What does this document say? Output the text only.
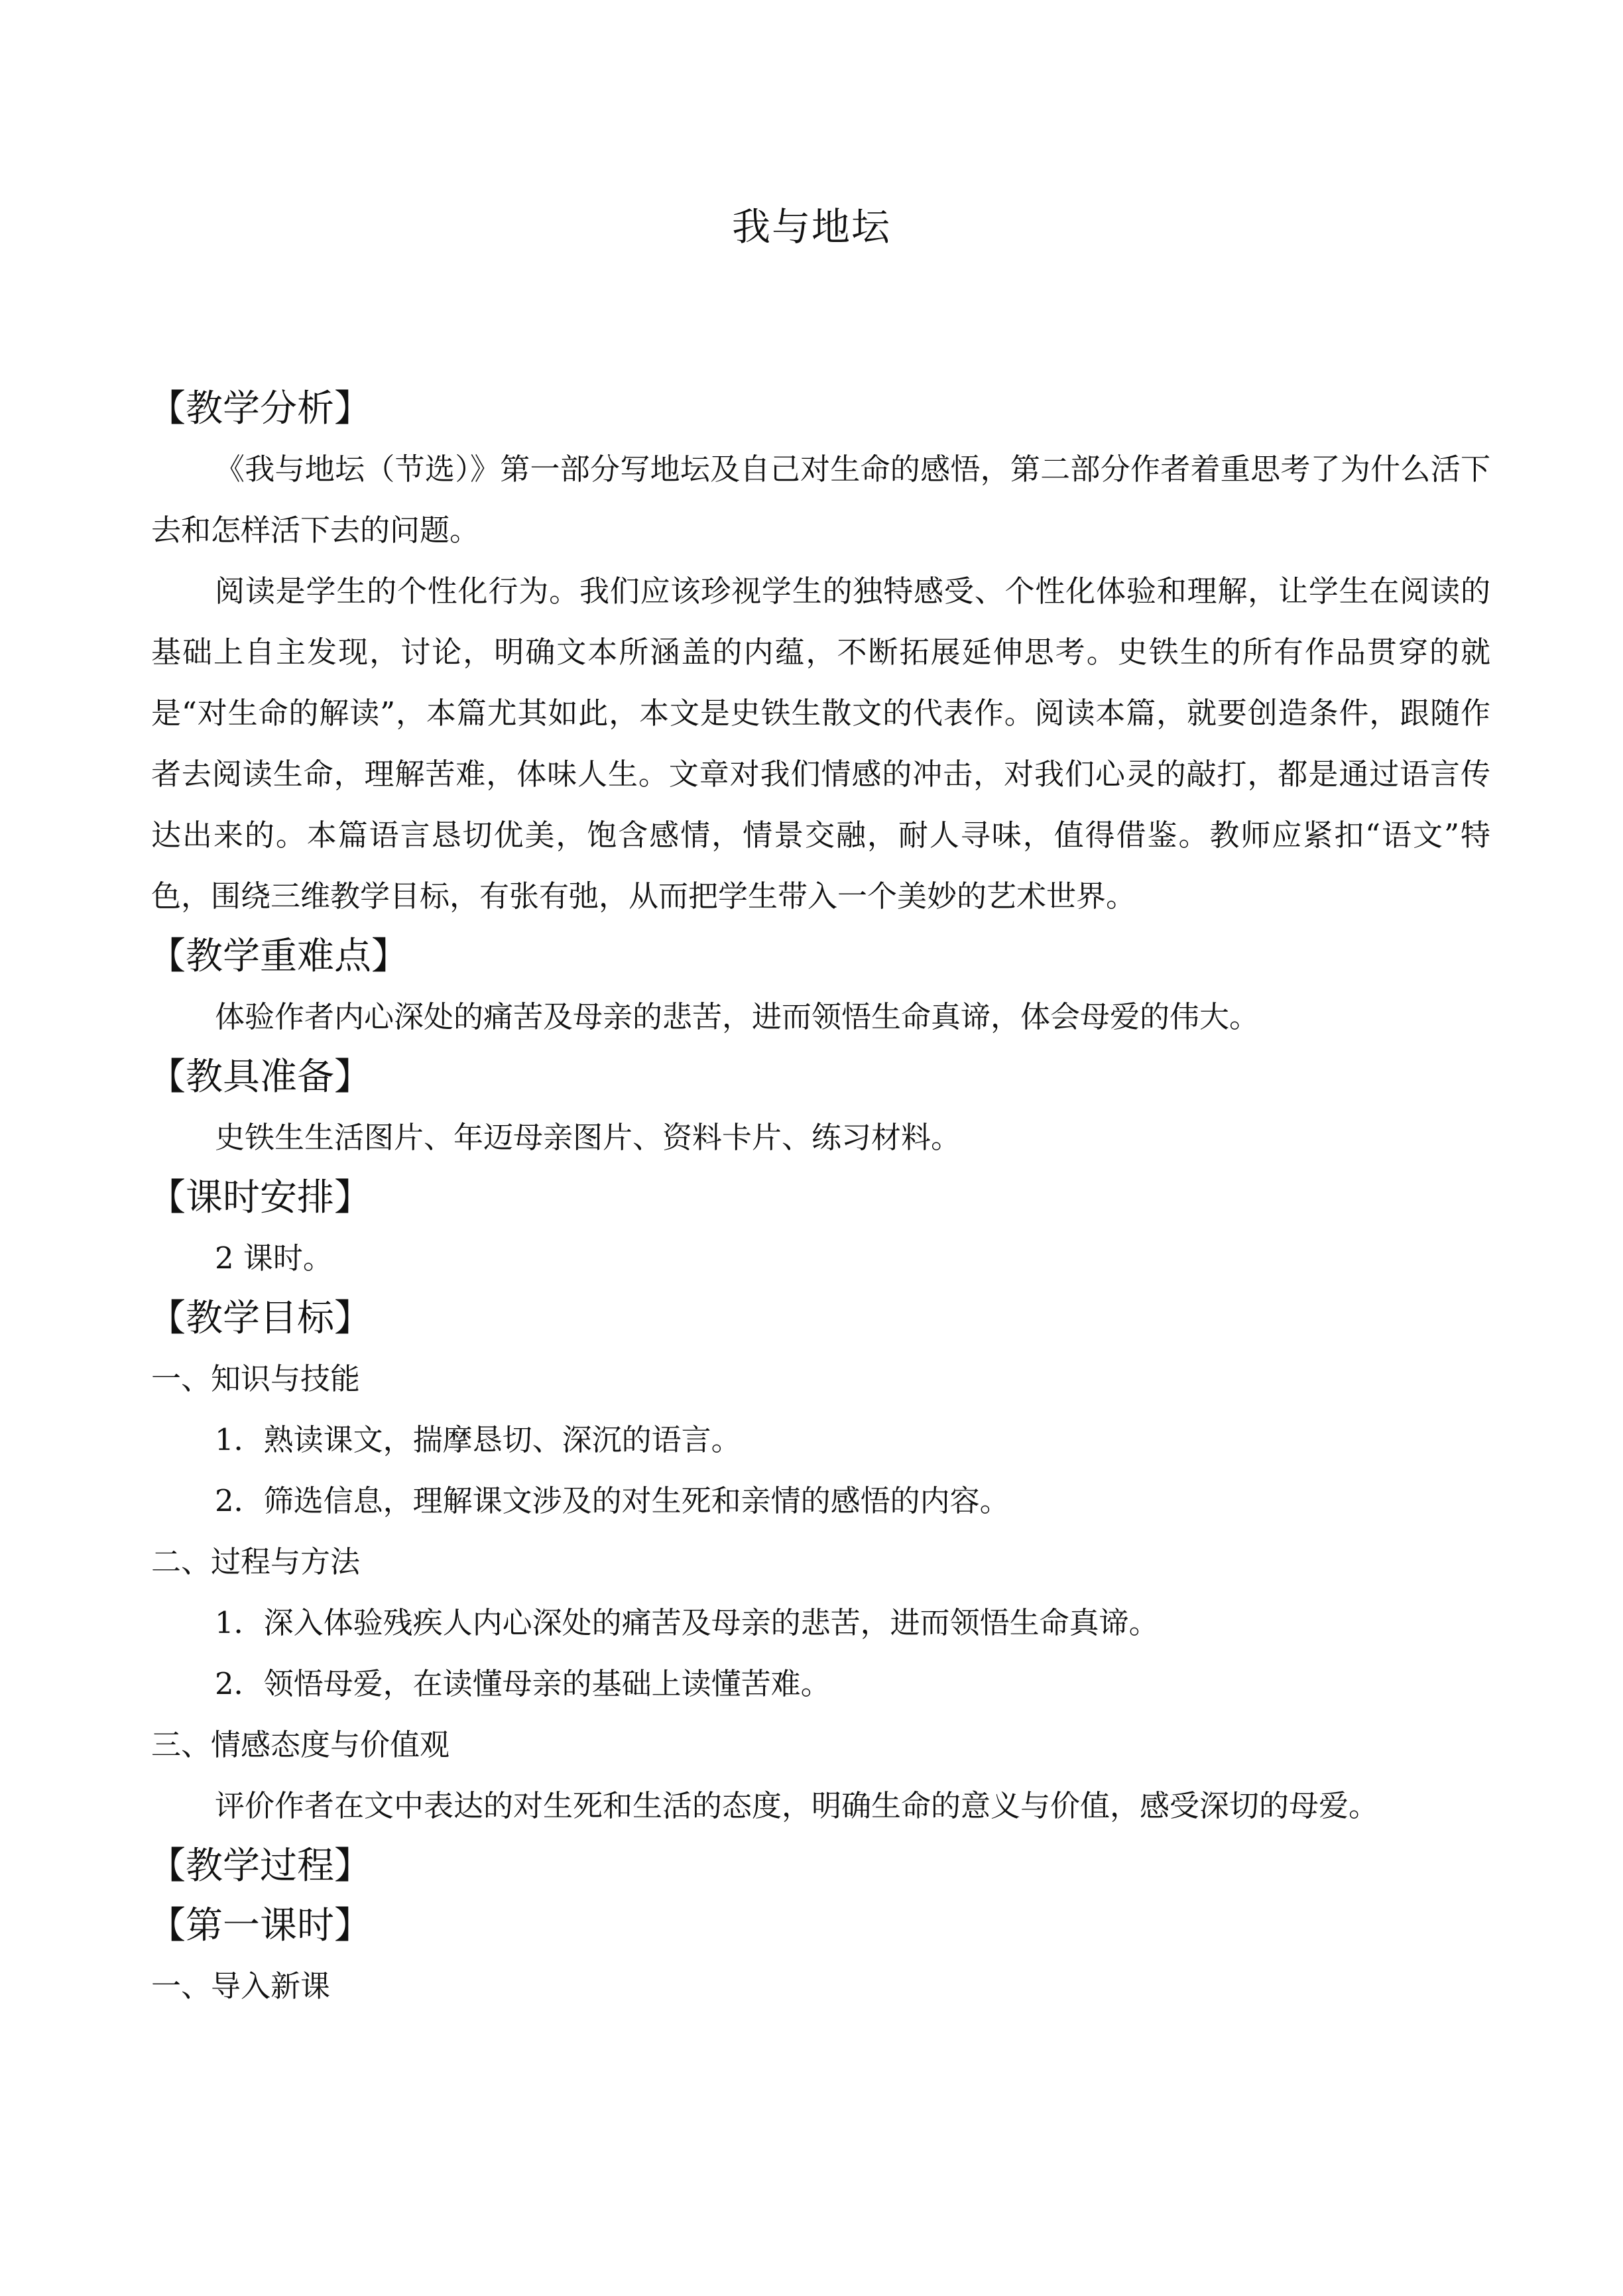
我与地坛
【教学分析】

《我与地坛（节选）》第一部分写地坛及自己对生命的感悟，第二部分作者着重思考了为什么活下去和怎样活下去的问题。

阅读是学生的个性化行为。我们应该珍视学生的独特感受、个性化体验和理解，让学生在阅读的基础上自主发现，讨论，明确文本所涵盖的内蕴，不断拓展延伸思考。史铁生的所有作品贯穿的就是“对生命的解读”，本篇尤其如此，本文是史铁生散文的代表作。阅读本篇，就要创造条件，跟随作者去阅读生命，理解苦难，体味人生。文章对我们情感的冲击，对我们心灵的敲打，都是通过语言传达出来的。本篇语言恳切优美，饱含感情，情景交融，耐人寻味，值得借鉴。教师应紧扣“语文”特色，围绕三维教学目标，有张有弛，从而把学生带入一个美妙的艺术世界。

【教学重难点】

体验作者内心深处的痛苦及母亲的悲苦，进而领悟生命真谛，体会母爱的伟大。

【教具准备】

史铁生生活图片、年迈母亲图片、资料卡片、练习材料。

【课时安排】

2 课时。

【教学目标】

一、知识与技能

1．熟读课文，揣摩恳切、深沉的语言。

2．筛选信息，理解课文涉及的对生死和亲情的感悟的内容。

二、过程与方法

1．深入体验残疾人内心深处的痛苦及母亲的悲苦，进而领悟生命真谛。

2．领悟母爱，在读懂母亲的基础上读懂苦难。

三、情感态度与价值观

评价作者在文中表达的对生死和生活的态度，明确生命的意义与价值，感受深切的母爱。

【教学过程】
【第一课时】

一、导入新课
